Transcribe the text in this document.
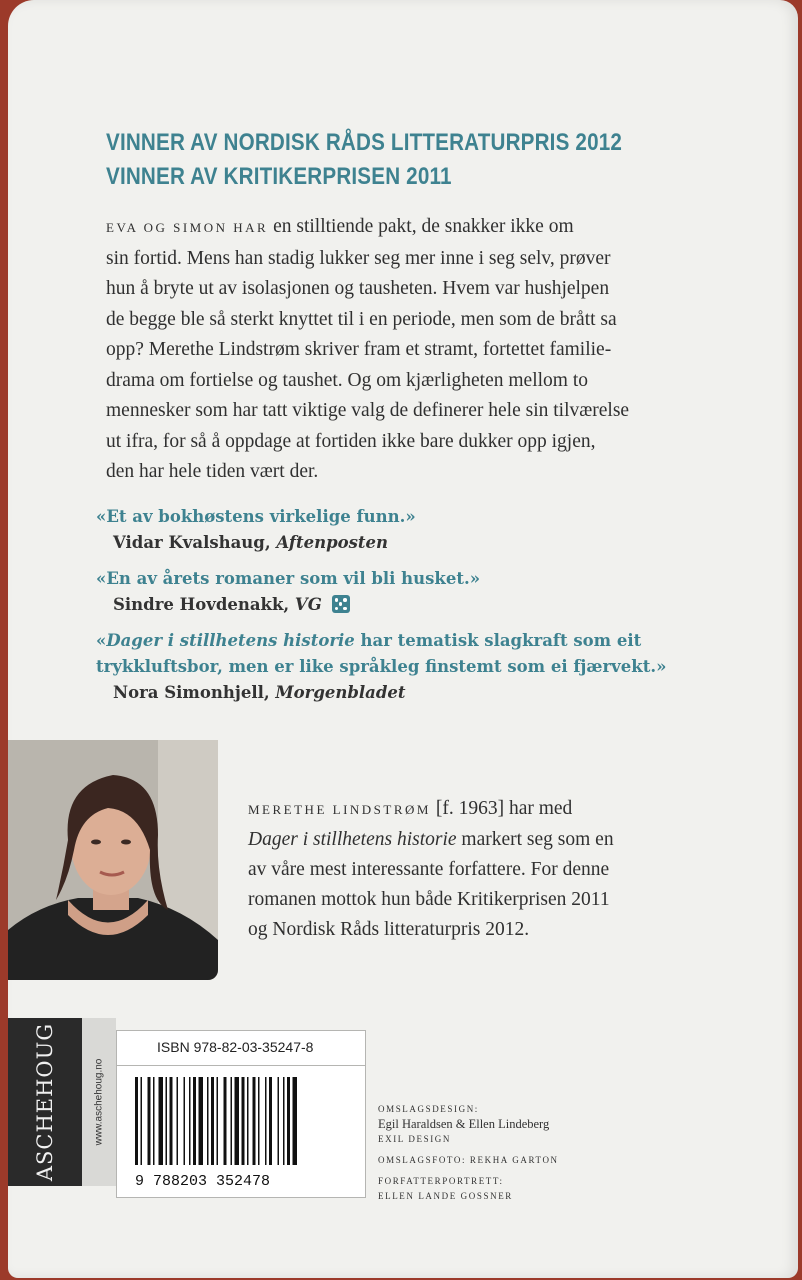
VINNER AV NORDISK RÅDS LITTERATURPRIS 2012
VINNER AV KRITIKERPRISEN 2011
EVA OG SIMON HAR en stilltiende pakt, de snakker ikke om
sin fortid. Mens han stadig lukker seg mer inne i seg selv, prøver
hun å bryte ut av isolasjonen og tausheten. Hvem var hushjelpen
de begge ble så sterkt knyttet til i en periode, men som de brått sa
opp? Merethe Lindstrøm skriver fram et stramt, fortettet familie-
drama om fortielse og taushet. Og om kjærligheten mellom to
mennesker som har tatt viktige valg de definerer hele sin tilværelse
ut ifra, for så å oppdage at fortiden ikke bare dukker opp igjen,
den har hele tiden vært der.
«Et av bokhøstens virkelige funn.»
Vidar Kvalshaug, Aftenposten
«En av årets romaner som vil bli husket.»
Sindre Hovdenakk, VG
«Dager i stillhetens historie har tematisk slagkraft som eit
trykkluftsbor, men er like språkleg finstemt som ei fjærvekt.»
Nora Simonhjell, Morgenbladet
MERETHE LINDSTRØM [f. 1963] har med
Dager i stillhetens historie markert seg som en
av våre mest interessante forfattere. For denne
romanen mottok hun både Kritikerprisen 2011
og Nordisk Råds litteraturpris 2012.
ASCHEHOUG	www.aschehoug.no
ISBN 978-82-03-35247-8
9 788203 352478
OMSLAGSDESIGN:
Egil Haraldsen & Ellen Lindeberg
EXIL DESIGN
OMSLAGSFOTO: REKHA GARTON
FORFATTERPORTRETT:
ELLEN LANDE GOSSNER
